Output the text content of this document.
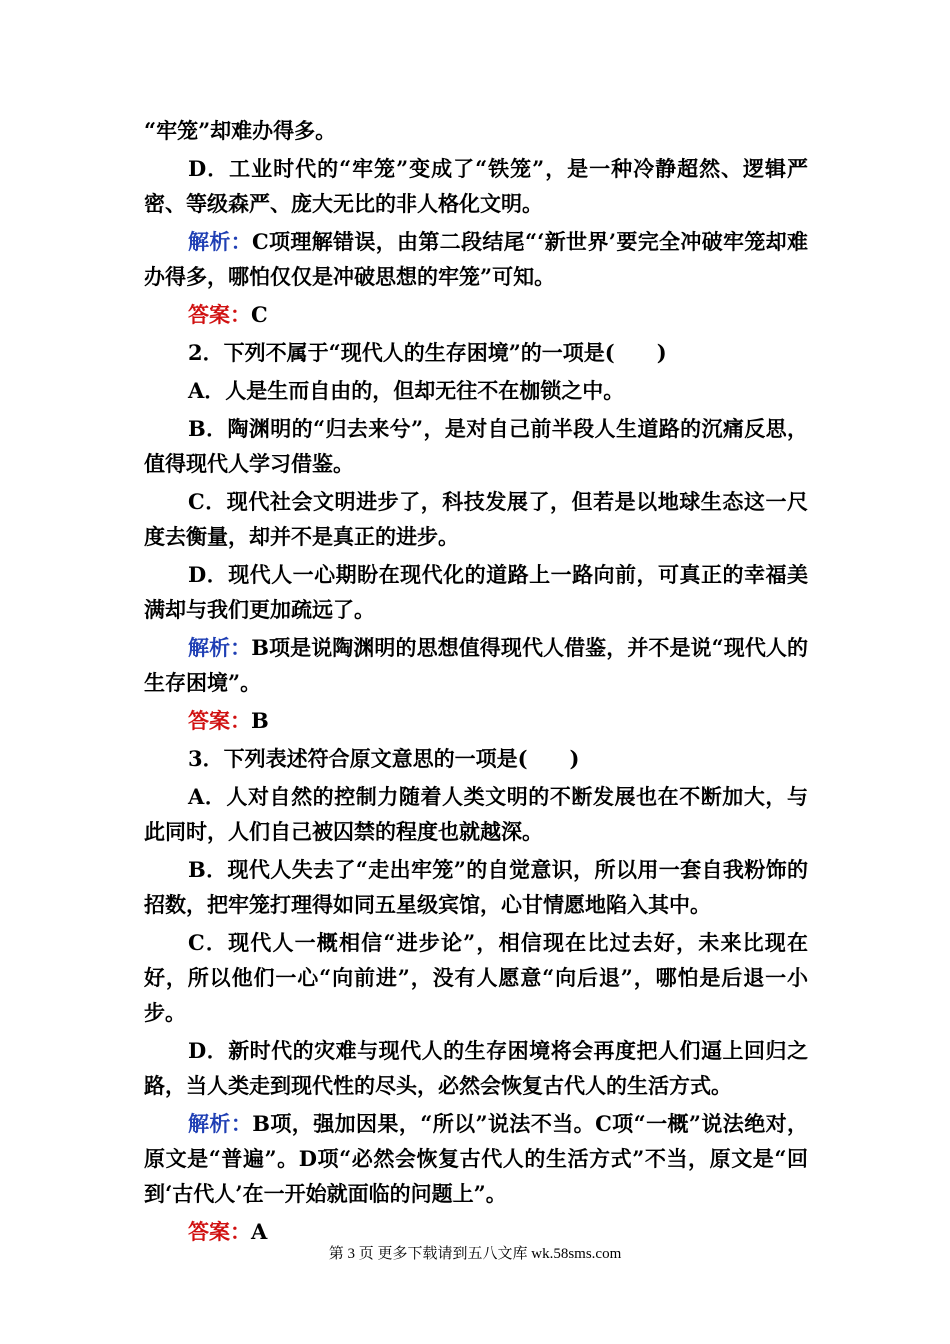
“牢笼”却难办得多。

D．工业时代的“牢笼”变成了“铁笼”，是一种冷静超然、逻辑严密、等级森严、庞大无比的非人格化文明。

解析：C项理解错误，由第二段结尾“‘新世界’要完全冲破牢笼却难办得多，哪怕仅仅是冲破思想的牢笼”可知。

答案：C

2．下列不属于“现代人的生存困境”的一项是(　　)

A．人是生而自由的，但却无往不在枷锁之中。

B．陶渊明的“归去来兮”，是对自己前半段人生道路的沉痛反思，值得现代人学习借鉴。

C．现代社会文明进步了，科技发展了，但若是以地球生态这一尺度去衡量，却并不是真正的进步。

D．现代人一心期盼在现代化的道路上一路向前，可真正的幸福美满却与我们更加疏远了。

解析：B项是说陶渊明的思想值得现代人借鉴，并不是说“现代人的生存困境”。

答案：B

3．下列表述符合原文意思的一项是(　　)

A．人对自然的控制力随着人类文明的不断发展也在不断加大，与此同时，人们自己被囚禁的程度也就越深。

B．现代人失去了“走出牢笼”的自觉意识，所以用一套自我粉饰的招数，把牢笼打理得如同五星级宾馆，心甘情愿地陷入其中。

C．现代人一概相信“进步论”，相信现在比过去好，未来比现在好，所以他们一心“向前进”，没有人愿意“向后退”，哪怕是后退一小步。

D．新时代的灾难与现代人的生存困境将会再度把人们逼上回归之路，当人类走到现代性的尽头，必然会恢复古代人的生活方式。

解析：B项，强加因果，“所以”说法不当。C项“一概”说法绝对，原文是“普遍”。D项“必然会恢复古代人的生活方式”不当，原文是“回到‘古代人’在一开始就面临的问题上”。

答案：A

第 3 页 更多下载请到五八文库 wk.58sms.com
